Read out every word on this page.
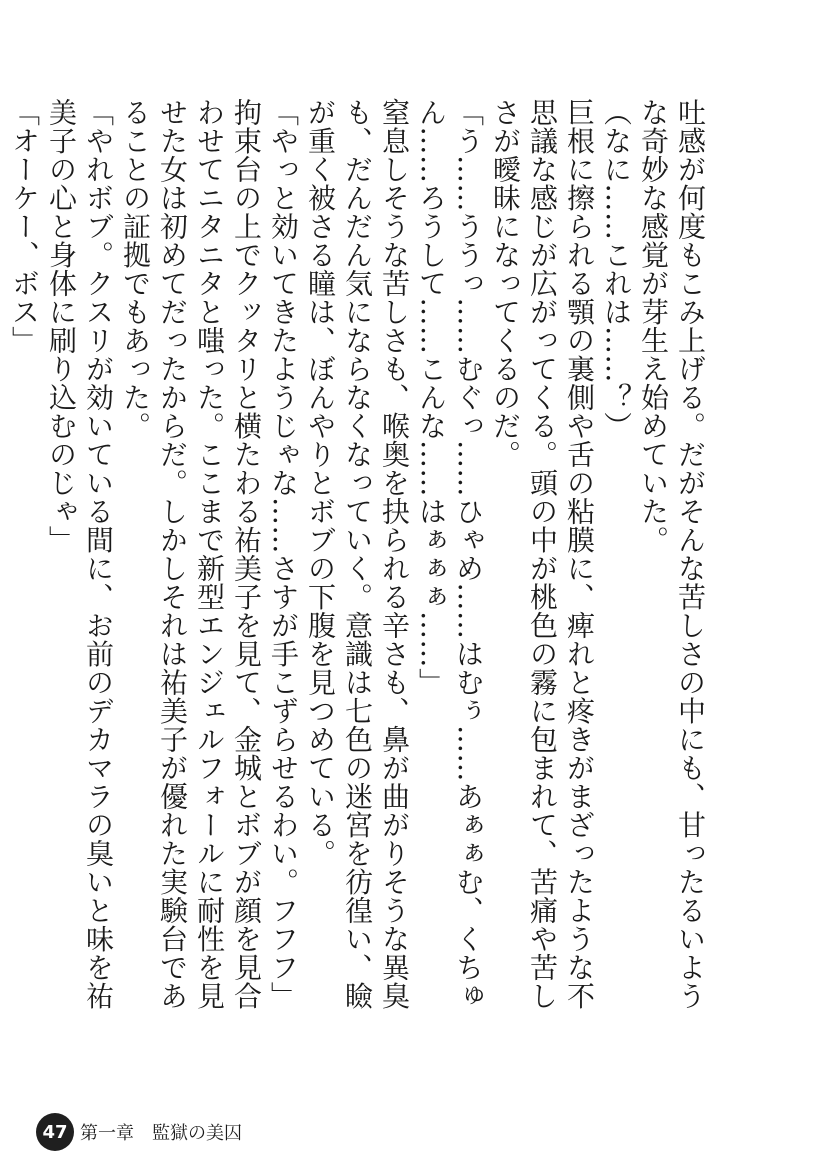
吐感が何度もこみ上げる。だがそんな苦しさの中にも、甘ったるいような奇妙な感覚が芽生え始めていた。

（なに……これは……？）

巨根に擦られる顎の裏側や舌の粘膜に、痺れと疼きがまざったような不思議な感じが広がってくる。頭の中が桃色の霧に包まれて、苦痛や苦しさが曖昧になってくるのだ。

「う……ううっ……むぐっ……ひゃめ……はむぅ……あぁぁむ、くちゅん……ろうして……こんな……はぁぁぁ……」

窒息しそうな苦しさも、喉奥を抉られる辛さも、鼻が曲がりそうな異臭も、だんだん気にならなくなっていく。意識は七色の迷宮を彷徨い、瞼が重く被さる瞳は、ぼんやりとボブの下腹を見つめている。

「やっと効いてきたようじゃな……さすが手こずらせるわい。フフフ」

拘束台の上でクッタリと横たわる祐美子を見て、金城とボブが顔を見合わせてニタニタと嗤った。ここまで新型エンジェルフォールに耐性を見せた女は初めてだったからだ。しかしそれは祐美子が優れた実験台であることの証拠でもあった。

「やれボブ。クスリが効いている間に、お前のデカマラの臭いと味を祐美子の心と身体に刷り込むのじゃ」

「オーケー、ボス」

47 第一章　監獄の美囚
